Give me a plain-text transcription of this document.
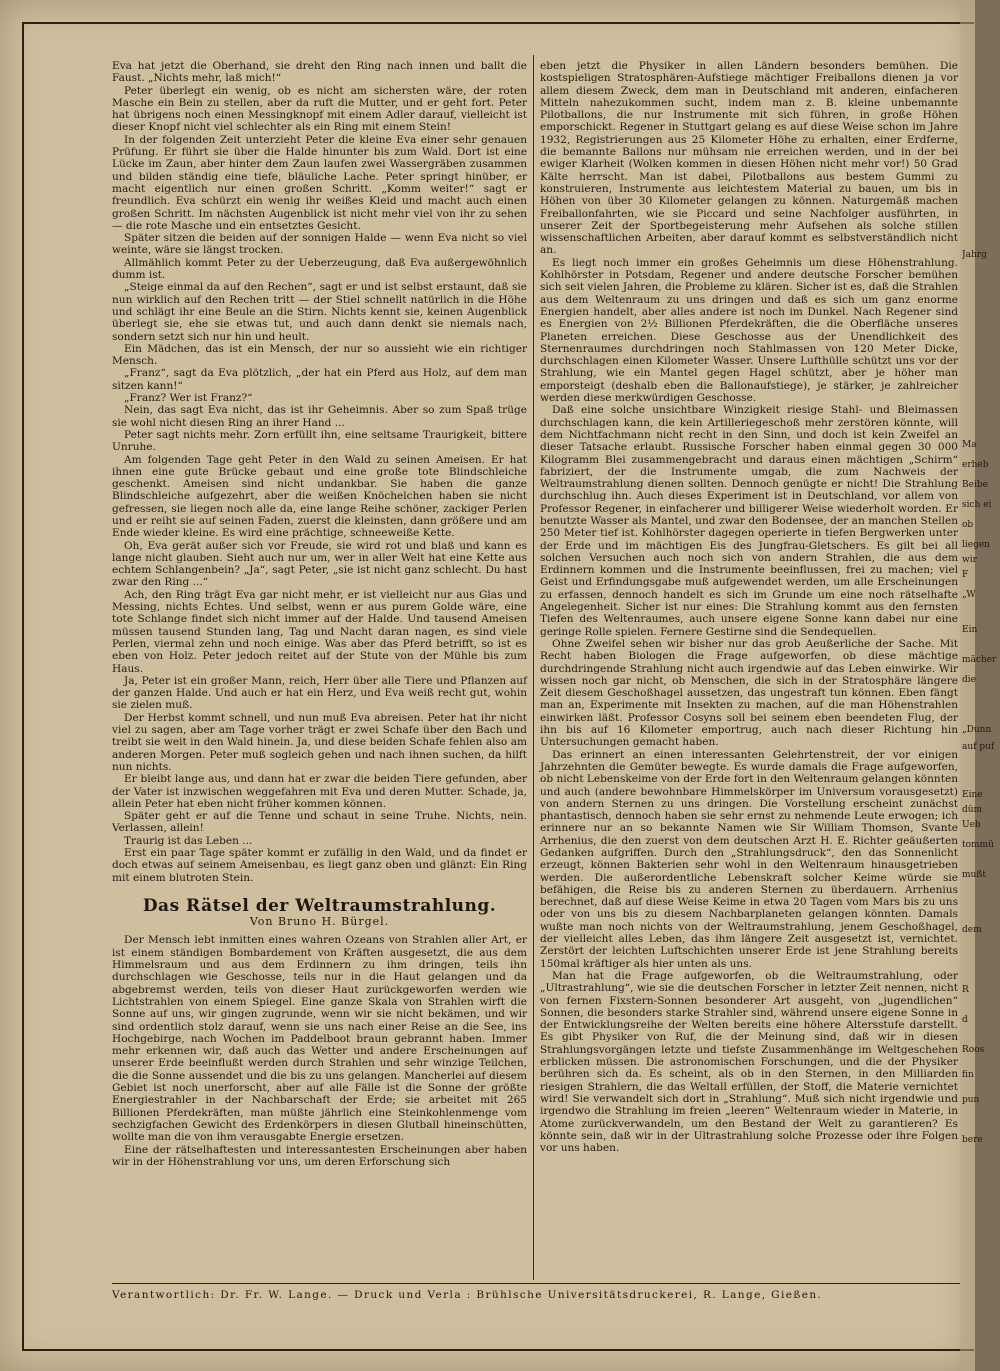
Eva hat jetzt die Oberhand, sie dreht den Ring nach innen und ballt die Faust. „Nichts mehr, laß mich!“

Peter überlegt ein wenig, ob es nicht am sichersten wäre, der roten Masche ein Bein zu stellen, aber da ruft die Mutter, und er geht fort. Peter hat übrigens noch einen Messingknopf mit einem Adler darauf, vielleicht ist dieser Knopf nicht viel schlechter als ein Ring mit einem Stein!

In der folgenden Zeit unterzieht Peter die kleine Eva einer sehr genauen Prüfung. Er führt sie über die Halde hinunter bis zum Wald. Dort ist eine Lücke im Zaun, aber hinter dem Zaun laufen zwei Wassergräben zusammen und bilden ständig eine tiefe, bläuliche Lache. Peter springt hinüber, er macht eigentlich nur einen großen Schritt. „Komm weiter!“ sagt er freundlich. Eva schürzt ein wenig ihr weißes Kleid und macht auch einen großen Schritt. Im nächsten Augenblick ist nicht mehr viel von ihr zu sehen — die rote Masche und ein entsetztes Gesicht.

Später sitzen die beiden auf der sonnigen Halde — wenn Eva nicht so viel weinte, wäre sie längst trocken.

Allmählich kommt Peter zu der Ueberzeugung, daß Eva außergewöhnlich dumm ist.

„Steige einmal da auf den Rechen“, sagt er und ist selbst erstaunt, daß sie nun wirklich auf den Rechen tritt — der Stiel schnellt natürlich in die Höhe und schlägt ihr eine Beule an die Stirn. Nichts kennt sie, keinen Augenblick überlegt sie, ehe sie etwas tut, und auch dann denkt sie niemals nach, sondern setzt sich nur hin und heult.

Ein Mädchen, das ist ein Mensch, der nur so aussieht wie ein richtiger Mensch.

„Franz“, sagt da Eva plötzlich, „der hat ein Pferd aus Holz, auf dem man sitzen kann!“

„Franz? Wer ist Franz?“

Nein, das sagt Eva nicht, das ist ihr Geheimnis. Aber so zum Spaß trüge sie wohl nicht diesen Ring an ihrer Hand ...

Peter sagt nichts mehr. Zorn erfüllt ihn, eine seltsame Traurigkeit, bittere Unruhe.

Am folgenden Tage geht Peter in den Wald zu seinen Ameisen. Er hat ihnen eine gute Brücke gebaut und eine große tote Blindschleiche geschenkt. Ameisen sind nicht undankbar. Sie haben die ganze Blindschleiche aufgezehrt, aber die weißen Knöchelchen haben sie nicht gefressen, sie liegen noch alle da, eine lange Reihe schöner, zackiger Perlen und er reiht sie auf seinen Faden, zuerst die kleinsten, dann größere und am Ende wieder kleine. Es wird eine prächtige, schneeweiße Kette.

Oh, Eva gerät außer sich vor Freude, sie wird rot und blaß und kann es lange nicht glauben. Sieht auch nur um, wer in aller Welt hat eine Kette aus echtem Schlangenbein? „Ja“, sagt Peter, „sie ist nicht ganz schlecht. Du hast zwar den Ring ...“

Ach, den Ring trägt Eva gar nicht mehr, er ist vielleicht nur aus Glas und Messing, nichts Echtes. Und selbst, wenn er aus purem Golde wäre, eine tote Schlange findet sich nicht immer auf der Halde. Und tausend Ameisen müssen tausend Stunden lang, Tag und Nacht daran nagen, es sind viele Perlen, viermal zehn und noch einige. Was aber das Pferd betrifft, so ist es eben von Holz. Peter jedoch reitet auf der Stute von der Mühle bis zum Haus.

Ja, Peter ist ein großer Mann, reich, Herr über alle Tiere und Pflanzen auf der ganzen Halde. Und auch er hat ein Herz, und Eva weiß recht gut, wohin sie zielen muß.

Der Herbst kommt schnell, und nun muß Eva abreisen. Peter hat ihr nicht viel zu sagen, aber am Tage vorher trägt er zwei Schafe über den Bach und treibt sie weit in den Wald hinein. Ja, und diese beiden Schafe fehlen also am anderen Morgen. Peter muß sogleich gehen und nach ihnen suchen, da hilft nun nichts.

Er bleibt lange aus, und dann hat er zwar die beiden Tiere gefunden, aber der Vater ist inzwischen weggefahren mit Eva und deren Mutter. Schade, ja, allein Peter hat eben nicht früher kommen können.

Später geht er auf die Tenne und schaut in seine Truhe. Nichts, nein. Verlassen, allein!

Traurig ist das Leben ...

Erst ein paar Tage später kommt er zufällig in den Wald, und da findet er doch etwas auf seinem Ameisenbau, es liegt ganz oben und glänzt: Ein Ring mit einem blutroten Stein.

Das Rätsel der Weltraumstrahlung.
Von Bruno H. Bürgel.

Der Mensch lebt inmitten eines wahren Ozeans von Strahlen aller Art, er ist einem ständigen Bombardement von Kräften ausgesetzt, die aus dem Himmelsraum und aus dem Erdinnern zu ihm dringen, teils ihn durchschlagen wie Geschosse, teils nur in die Haut gelangen und da abgebremst werden, teils von dieser Haut zurückgeworfen werden wie Lichtstrahlen von einem Spiegel. Eine ganze Skala von Strahlen wirft die Sonne auf uns, wir gingen zugrunde, wenn wir sie nicht bekämen, und wir sind ordentlich stolz darauf, wenn sie uns nach einer Reise an die See, ins Hochgebirge, nach Wochen im Paddelboot braun gebrannt haben. Immer mehr erkennen wir, daß auch das Wetter und andere Erscheinungen auf unserer Erde beeinflußt werden durch Strahlen und sehr winzige Teilchen, die die Sonne aussendet und die bis zu uns gelangen. Mancherlei auf diesem Gebiet ist noch unerforscht, aber auf alle Fälle ist die Sonne der größte Energiestrahler in der Nachbarschaft der Erde; sie arbeitet mit 265 Billionen Pferdekräften, man müßte jährlich eine Steinkohlenmenge vom sechzigfachen Gewicht des Erdenkörpers in diesen Glutball hineinschütten, wollte man die von ihm verausgabte Energie ersetzen.

Eine der rätselhaftesten und interessantesten Erscheinungen aber haben wir in der Höhenstrahlung vor uns, um deren Erforschung sich

eben jetzt die Physiker in allen Ländern besonders bemühen. Die kostspieligen Stratosphären-Aufstiege mächtiger Freiballons dienen ja vor allem diesem Zweck, dem man in Deutschland mit anderen, einfacheren Mitteln nahezukommen sucht, indem man z. B. kleine unbemannte Pilotballons, die nur Instrumente mit sich führen, in große Höhen emporschickt. Regener in Stuttgart gelang es auf diese Weise schon im Jahre 1932, Registrierungen aus 25 Kilometer Höhe zu erhalten, einer Erdferne, die bemannte Ballons nur mühsam nie erreichen werden, und in der bei ewiger Klarheit (Wolken kommen in diesen Höhen nicht mehr vor!) 50 Grad Kälte herrscht. Man ist dabei, Pilotballons aus bestem Gummi zu konstruieren, Instrumente aus leichtestem Material zu bauen, um bis in Höhen von über 30 Kilometer gelangen zu können. Naturgemäß machen Freiballonfahrten, wie sie Piccard und seine Nachfolger ausführten, in unserer Zeit der Sportbegeisterung mehr Aufsehen als solche stillen wissenschaftlichen Arbeiten, aber darauf kommt es selbstverständlich nicht an.

Es liegt noch immer ein großes Geheimnis um diese Höhenstrahlung. Kohlhörster in Potsdam, Regener und andere deutsche Forscher bemühen sich seit vielen Jahren, die Probleme zu klären. Sicher ist es, daß die Strahlen aus dem Weltenraum zu uns dringen und daß es sich um ganz enorme Energien handelt, aber alles andere ist noch im Dunkel. Nach Regener sind es Energien von 2½ Billionen Pferdekräften, die die Oberfläche unseres Planeten erreichen. Diese Geschosse aus der Unendlichkeit des Sternenraumes durchdringen noch Stahlmassen von 120 Meter Dicke, durchschlagen einen Kilometer Wasser. Unsere Lufthülle schützt uns vor der Strahlung, wie ein Mantel gegen Hagel schützt, aber je höher man emporsteigt (deshalb eben die Ballonaufstiege), je stärker, je zahlreicher werden diese merkwürdigen Geschosse.

Daß eine solche unsichtbare Winzigkeit riesige Stahl- und Bleimassen durchschlagen kann, die kein Artilleriegeschoß mehr zerstören könnte, will dem Nichtfachmann nicht recht in den Sinn, und doch ist kein Zweifel an dieser Tatsache erlaubt. Russische Forscher haben einmal gegen 30 000 Kilogramm Blei zusammengebracht und daraus einen mächtigen „Schirm“ fabriziert, der die Instrumente umgab, die zum Nachweis der Weltraumstrahlung dienen sollten. Dennoch genügte er nicht! Die Strahlung durchschlug ihn. Auch dieses Experiment ist in Deutschland, vor allem von Professor Regener, in einfacherer und billigerer Weise wiederholt worden. Er benutzte Wasser als Mantel, und zwar den Bodensee, der an manchen Stellen 250 Meter tief ist. Kohlhörster dagegen operierte in tiefen Bergwerken unter der Erde und im mächtigen Eis des Jungfrau-Gletschers. Es gilt bei all solchen Versuchen auch noch sich von andern Strahlen, die aus dem Erdinnern kommen und die Instrumente beeinflussen, frei zu machen; viel Geist und Erfindungsgabe muß aufgewendet werden, um alle Erscheinungen zu erfassen, dennoch handelt es sich im Grunde um eine noch rätselhafte Angelegenheit. Sicher ist nur eines: Die Strahlung kommt aus den fernsten Tiefen des Weltenraumes, auch unsere eigene Sonne kann dabei nur eine geringe Rolle spielen. Fernere Gestirne sind die Sendequellen.

Ohne Zweifel sehen wir bisher nur das grob Aeußerliche der Sache. Mit Recht haben Biologen die Frage aufgeworfen, ob diese mächtige durchdringende Strahlung nicht auch irgendwie auf das Leben einwirke. Wir wissen noch gar nicht, ob Menschen, die sich in der Stratosphäre längere Zeit diesem Geschoßhagel aussetzen, das ungestraft tun können. Eben fängt man an, Experimente mit Insekten zu machen, auf die man Höhenstrahlen einwirken läßt. Professor Cosyns soll bei seinem eben beendeten Flug, der ihn bis auf 16 Kilometer emportrug, auch nach dieser Richtung hin Untersuchungen gemacht haben.

Das erinnert an einen interessanten Gelehrtenstreit, der vor einigen Jahrzehnten die Gemüter bewegte. Es wurde damals die Frage aufgeworfen, ob nicht Lebenskeime von der Erde fort in den Weltenraum gelangen könnten und auch (andere bewohnbare Himmelskörper im Universum vorausgesetzt) von andern Sternen zu uns dringen. Die Vorstellung erscheint zunächst phantastisch, dennoch haben sie sehr ernst zu nehmende Leute erwogen; ich erinnere nur an so bekannte Namen wie Sir William Thomson, Svante Arrhenius, die den zuerst von dem deutschen Arzt H. E. Richter geäußerten Gedanken aufgriffen. Durch den „Strahlungsdruck“, den das Sonnenlicht erzeugt, können Bakterien sehr wohl in den Weltenraum hinausgetrieben werden. Die außerordentliche Lebenskraft solcher Keime würde sie befähigen, die Reise bis zu anderen Sternen zu überdauern. Arrhenius berechnet, daß auf diese Weise Keime in etwa 20 Tagen vom Mars bis zu uns oder von uns bis zu diesem Nachbarplaneten gelangen könnten. Damals wußte man noch nichts von der Weltraumstrahlung, jenem Geschoßhagel, der vielleicht alles Leben, das ihm längere Zeit ausgesetzt ist, vernichtet. Zerstört der leichten Luftschichten unserer Erde ist jene Strahlung bereits 150mal kräftiger als hier unten als uns.

Man hat die Frage aufgeworfen, ob die Weltraumstrahlung, oder „Ultrastrahlung“, wie sie die deutschen Forscher in letzter Zeit nennen, nicht von fernen Fixstern-Sonnen besonderer Art ausgeht, von „jugendlichen“ Sonnen, die besonders starke Strahler sind, während unsere eigene Sonne in der Entwicklungsreihe der Welten bereits eine höhere Altersstufe darstellt. Es gibt Physiker von Ruf, die der Meinung sind, daß wir in diesen Strahlungsvorgängen letzte und tiefste Zusammenhänge im Weltgeschehen erblicken müssen. Die astronomischen Forschungen, und die der Physiker berühren sich da. Es scheint, als ob in den Sternen, in den Milliarden riesigen Strahlern, die das Weltall erfüllen, der Stoff, die Materie vernichtet wird! Sie verwandelt sich dort in „Strahlung“. Muß sich nicht irgendwie und irgendwo die Strahlung im freien „leeren“ Weltenraum wieder in Materie, in Atome zurückverwandeln, um den Bestand der Welt zu garantieren? Es könnte sein, daß wir in der Ultrastrahlung solche Prozesse oder ihre Folgen vor uns haben.

Verantwortlich: Dr. Fr. W. Lange. — Druck und Verla : Brühlsche Universitätsdruckerei, R. Lange, Gießen.
Jahrg
Ma
erheb
Beibe
sich ei
ob
liegen
wir
F
„W
Ein
mächer
die
„Dunn
auf puf
Eine
dům
Ueb
tommü
mußt
dem
R
d
Roos
fin
pun
bere
